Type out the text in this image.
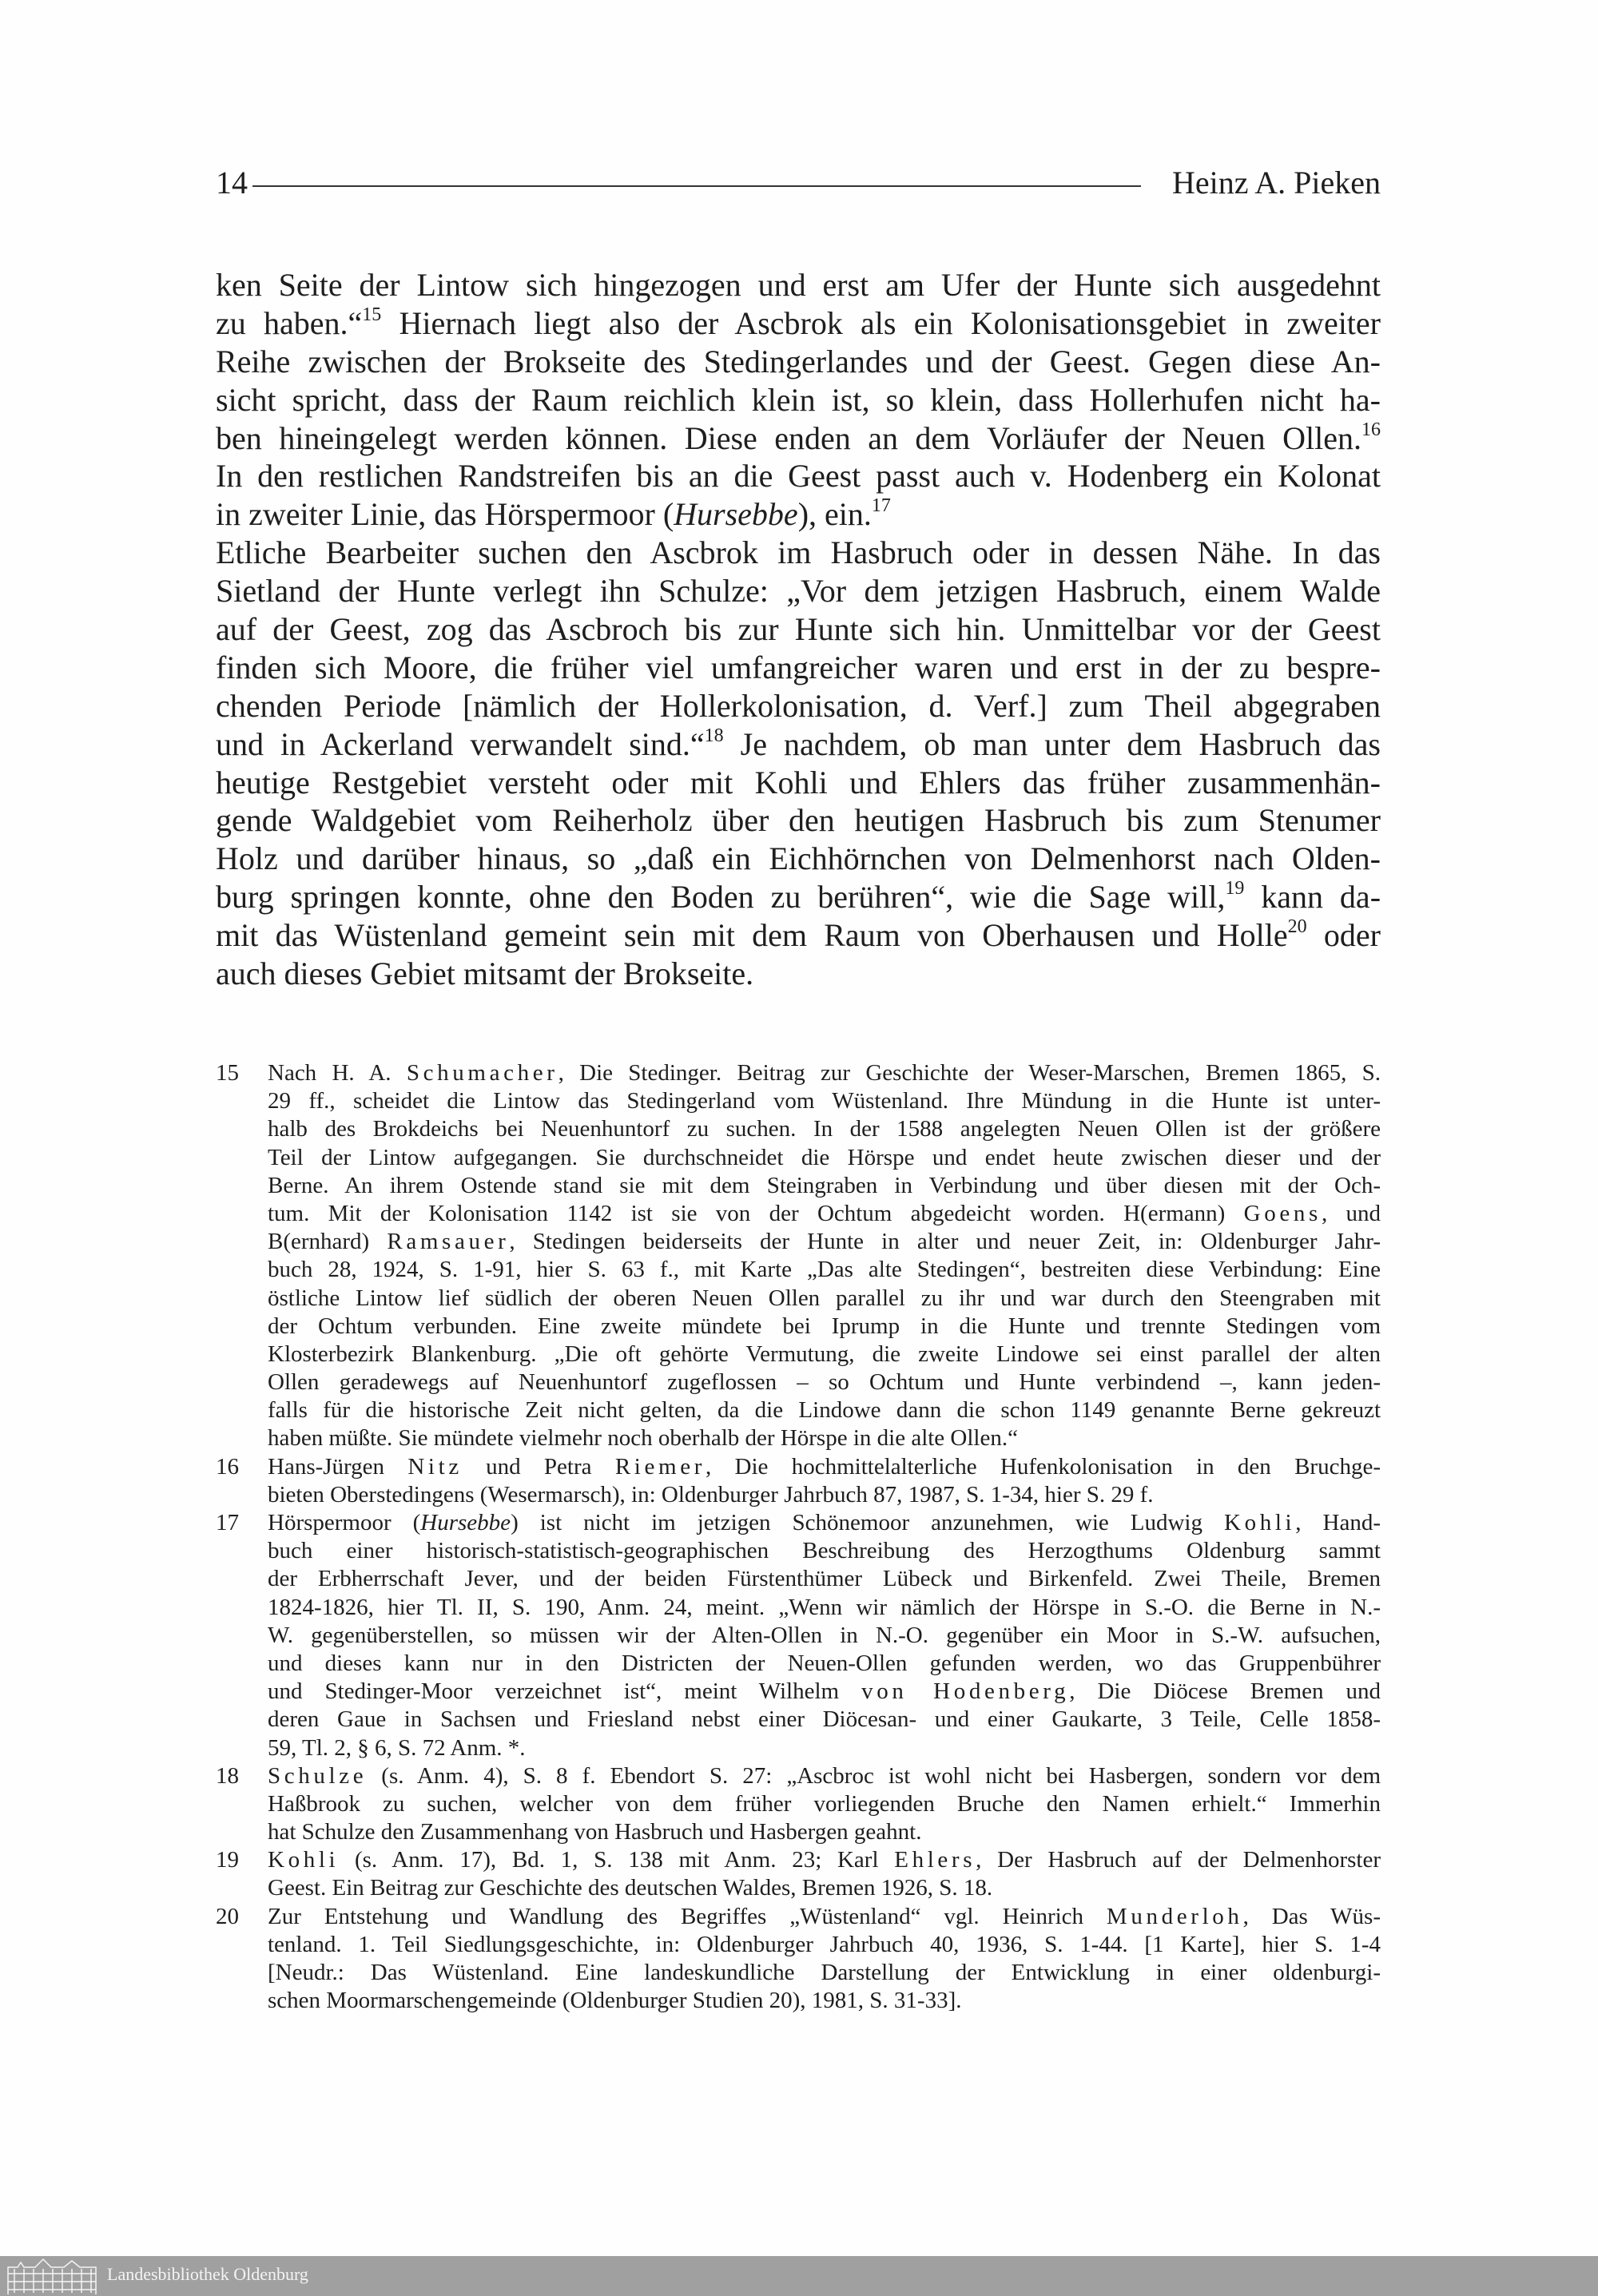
14	Heinz A. Pieken
ken Seite der Lintow sich hingezogen und erst am Ufer der Hunte sich ausgedehnt
zu haben.“$^{15}$ Hiernach liegt also der Ascbrok als ein Kolonisationsgebiet in zweiter
Reihe zwischen der Brokseite des Stedingerlandes und der Geest. Gegen diese An-
sicht spricht, dass der Raum reichlich klein ist, so klein, dass Hollerhufen nicht ha-
ben hineingelegt werden können. Diese enden an dem Vorläufer der Neuen Ollen.$^{16}$
In den restlichen Randstreifen bis an die Geest passt auch v. Hodenberg ein Kolonat
in zweiter Linie, das Hörspermoor (Hursebbe), ein.$^{17}$
Etliche Bearbeiter suchen den Ascbrok im Hasbruch oder in dessen Nähe. In das
Sietland der Hunte verlegt ihn Schulze: „Vor dem jetzigen Hasbruch, einem Walde
auf der Geest, zog das Ascbroch bis zur Hunte sich hin. Unmittelbar vor der Geest
finden sich Moore, die früher viel umfangreicher waren und erst in der zu bespre-
chenden Periode [nämlich der Hollerkolonisation, d. Verf.] zum Theil abgegraben
und in Ackerland verwandelt sind.“$^{18}$ Je nachdem, ob man unter dem Hasbruch das
heutige Restgebiet versteht oder mit Kohli und Ehlers das früher zusammenhän-
gende Waldgebiet vom Reiherholz über den heutigen Hasbruch bis zum Stenumer
Holz und darüber hinaus, so „daß ein Eichhörnchen von Delmenhorst nach Olden-
burg springen konnte, ohne den Boden zu berühren“, wie die Sage will,$^{19}$ kann da-
mit das Wüstenland gemeint sein mit dem Raum von Oberhausen und Holle$^{20}$ oder
auch dieses Gebiet mitsamt der Brokseite.
15 Nach H. A. Schumacher, Die Stedinger. Beitrag zur Geschichte der Weser-Marschen, Bremen 1865, S.
29 ff., scheidet die Lintow das Stedingerland vom Wüstenland. Ihre Mündung in die Hunte ist unter-
halb des Brokdeichs bei Neuenhuntorf zu suchen. In der 1588 angelegten Neuen Ollen ist der größere
Teil der Lintow aufgegangen. Sie durchschneidet die Hörspe und endet heute zwischen dieser und der
Berne. An ihrem Ostende stand sie mit dem Steingraben in Verbindung und über diesen mit der Och-
tum. Mit der Kolonisation 1142 ist sie von der Ochtum abgedeicht worden. H(ermann) Goens, und
B(ernhard) Ramsauer, Stedingen beiderseits der Hunte in alter und neuer Zeit, in: Oldenburger Jahr-
buch 28, 1924, S. 1-91, hier S. 63 f., mit Karte „Das alte Stedingen“, bestreiten diese Verbindung: Eine
östliche Lintow lief südlich der oberen Neuen Ollen parallel zu ihr und war durch den Steengraben mit
der Ochtum verbunden. Eine zweite mündete bei Iprump in die Hunte und trennte Stedingen vom
Klosterbezirk Blankenburg. „Die oft gehörte Vermutung, die zweite Lindowe sei einst parallel der alten
Ollen geradewegs auf Neuenhuntorf zugeflossen – so Ochtum und Hunte verbindend –, kann jeden-
falls für die historische Zeit nicht gelten, da die Lindowe dann die schon 1149 genannte Berne gekreuzt
haben müßte. Sie mündete vielmehr noch oberhalb der Hörspe in die alte Ollen.“
16 Hans-Jürgen Nitz und Petra Riemer, Die hochmittelalterliche Hufenkolonisation in den Bruchge-
bieten Oberstedingens (Wesermarsch), in: Oldenburger Jahrbuch 87, 1987, S. 1-34, hier S. 29 f.
17 Hörspermoor (Hursebbe) ist nicht im jetzigen Schönemoor anzunehmen, wie Ludwig Kohli, Hand-
buch einer historisch-statistisch-geographischen Beschreibung des Herzogthums Oldenburg sammt
der Erbherrschaft Jever, und der beiden Fürstenthümer Lübeck und Birkenfeld. Zwei Theile, Bremen
1824-1826, hier Tl. II, S. 190, Anm. 24, meint. „Wenn wir nämlich der Hörspe in S.-O. die Berne in N.-
W. gegenüberstellen, so müssen wir der Alten-Ollen in N.-O. gegenüber ein Moor in S.-W. aufsuchen,
und dieses kann nur in den Districten der Neuen-Ollen gefunden werden, wo das Gruppenbührer
und Stedinger-Moor verzeichnet ist“, meint Wilhelm von Hodenberg, Die Diöcese Bremen und
deren Gaue in Sachsen und Friesland nebst einer Diöcesan- und einer Gaukarte, 3 Teile, Celle 1858-
59, Tl. 2, § 6, S. 72 Anm. *.
18 Schulze (s. Anm. 4), S. 8 f. Ebendort S. 27: „Ascbroc ist wohl nicht bei Hasbergen, sondern vor dem
Haßbrook zu suchen, welcher von dem früher vorliegenden Bruche den Namen erhielt.“ Immerhin
hat Schulze den Zusammenhang von Hasbruch und Hasbergen geahnt.
19 Kohli (s. Anm. 17), Bd. 1, S. 138 mit Anm. 23; Karl Ehlers, Der Hasbruch auf der Delmenhorster
Geest. Ein Beitrag zur Geschichte des deutschen Waldes, Bremen 1926, S. 18.
20 Zur Entstehung und Wandlung des Begriffes „Wüstenland“ vgl. Heinrich Munderloh, Das Wüs-
tenland. 1. Teil Siedlungsgeschichte, in: Oldenburger Jahrbuch 40, 1936, S. 1-44. [1 Karte], hier S. 1-4
[Neudr.: Das Wüstenland. Eine landeskundliche Darstellung der Entwicklung in einer oldenburgi-
schen Moormarschengemeinde (Oldenburger Studien 20), 1981, S. 31-33].
Landesbibliothek Oldenburg
